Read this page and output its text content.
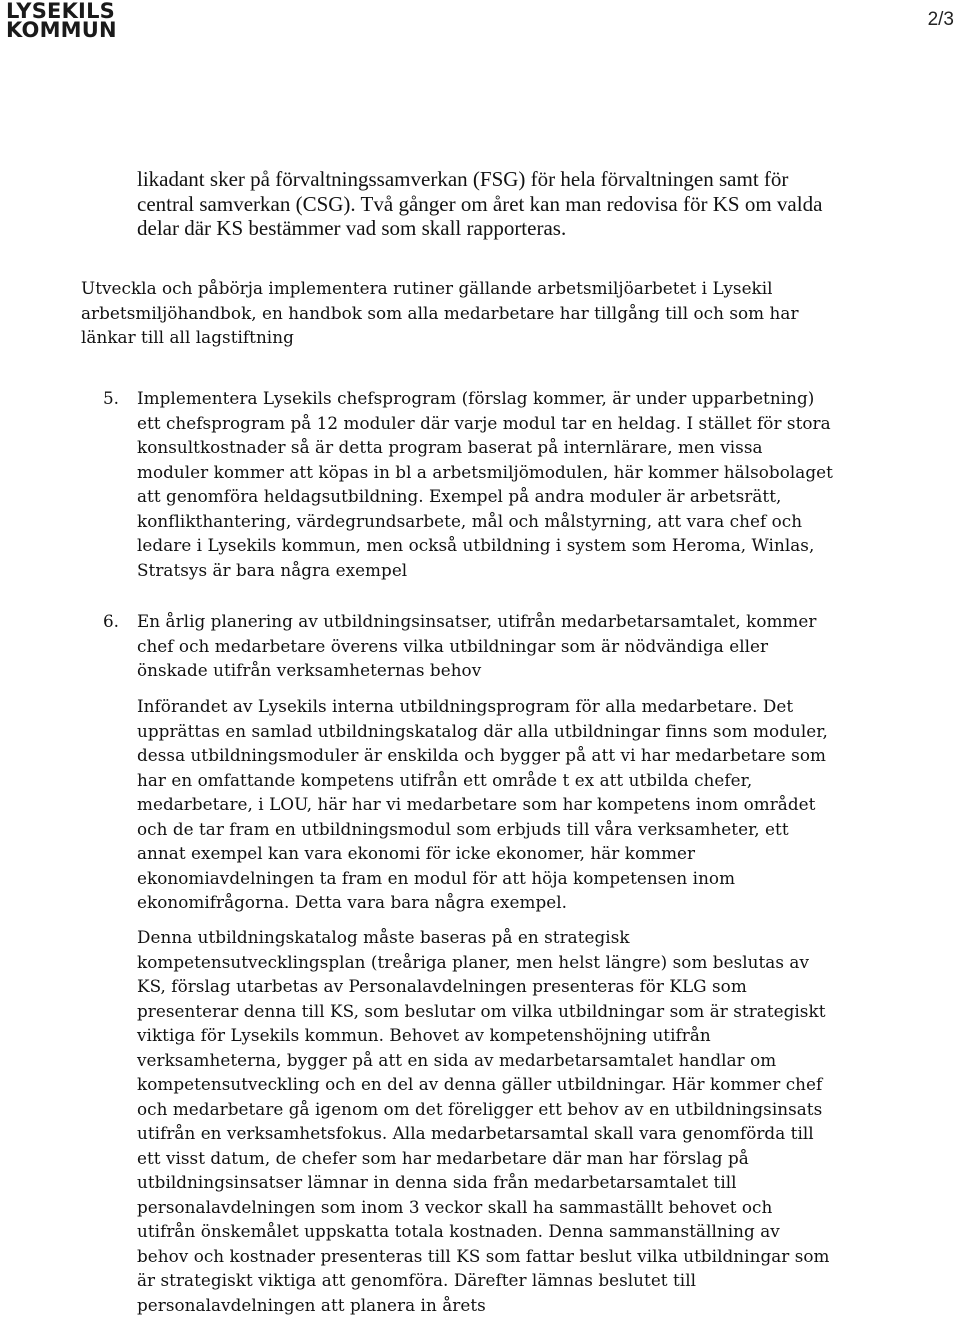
LYSEKILS
KOMMUN	2/3

likadant sker på förvaltningssamverkan (FSG) för hela förvaltningen samt för central samverkan (CSG). Två gånger om året kan man redovisa för KS om valda delar där KS bestämmer vad som skall rapporteras.

Utveckla och påbörja implementera rutiner gällande arbetsmiljöarbetet i Lysekil arbetsmiljöhandbok, en handbok som alla medarbetare har tillgång till och som har länkar till all lagstiftning

5. Implementera Lysekils chefsprogram (förslag kommer, är under upparbetning) ett chefsprogram på 12 moduler där varje modul tar en heldag. I stället för stora konsultkostnader så är detta program baserat på internlärare, men vissa moduler kommer att köpas in bl a arbetsmiljömodulen, här kommer hälsobolaget att genomföra heldagsutbildning. Exempel på andra moduler är arbetsrätt, konflikthantering, värdegrundsarbete, mål och målstyrning, att vara chef och ledare i Lysekils kommun, men också utbildning i system som Heroma, Winlas, Stratsys är bara några exempel

6. En årlig planering av utbildningsinsatser, utifrån medarbetarsamtalet, kommer chef och medarbetare överens vilka utbildningar som är nödvändiga eller önskade utifrån verksamheternas behov

Införandet av Lysekils interna utbildningsprogram för alla medarbetare. Det upprättas en samlad utbildningskatalog där alla utbildningar finns som moduler, dessa utbildningsmoduler är enskilda och bygger på att vi har medarbetare som har en omfattande kompetens utifrån ett område t ex att utbilda chefer, medarbetare, i LOU, här har vi medarbetare som har kompetens inom området och de tar fram en utbildningsmodul som erbjuds till våra verksamheter, ett annat exempel kan vara ekonomi för icke ekonomer, här kommer ekonomiavdelningen ta fram en modul för att höja kompetensen inom ekonomifrågorna. Detta vara bara några exempel.

Denna utbildningskatalog måste baseras på en strategisk kompetensutvecklingsplan (treåriga planer, men helst längre) som beslutas av KS, förslag utarbetas av Personalavdelningen presenteras för KLG som presenterar denna till KS, som beslutar om vilka utbildningar som är strategiskt viktiga för Lysekils kommun. Behovet av kompetenshöjning utifrån verksamheterna, bygger på att en sida av medarbetarsamtalet handlar om kompetensutveckling och en del av denna gäller utbildningar. Här kommer chef och medarbetare gå igenom om det föreligger ett behov av en utbildningsinsats utifrån en verksamhetsfokus. Alla medarbetarsamtal skall vara genomförda till ett visst datum, de chefer som har medarbetare där man har förslag på utbildningsinsatser lämnar in denna sida från medarbetarsamtalet till personalavdelningen som inom 3 veckor skall ha sammaställt behovet och utifrån önskemålet uppskatta totala kostnaden. Denna sammanställning av behov och kostnader presenteras till KS som fattar beslut vilka utbildningar som är strategiskt viktiga att genomföra. Därefter lämnas beslutet till personalavdelningen att planera in årets
